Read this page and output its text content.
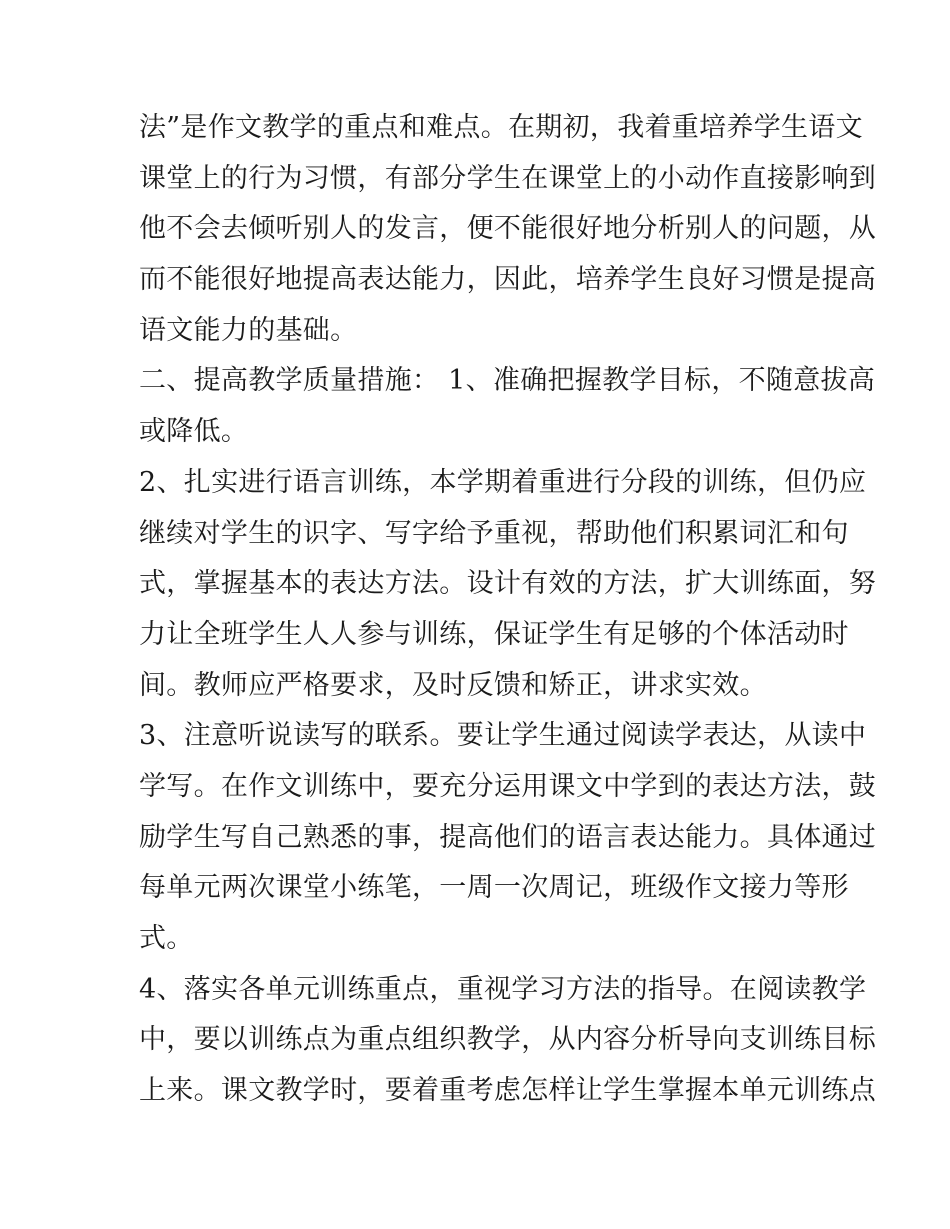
法”是作文教学的重点和难点。在期初，我着重培养学生语文
课堂上的行为习惯，有部分学生在课堂上的小动作直接影响到
他不会去倾听别人的发言，便不能很好地分析别人的问题，从
而不能很好地提高表达能力，因此，培养学生良好习惯是提高
语文能力的基础。
二、提高教学质量措施： 1、准确把握教学目标，不随意拔高
或降低。
2、扎实进行语言训练，本学期着重进行分段的训练，但仍应
继续对学生的识字、写字给予重视，帮助他们积累词汇和句
式，掌握基本的表达方法。设计有效的方法，扩大训练面，努
力让全班学生人人参与训练，保证学生有足够的个体活动时
间。教师应严格要求，及时反馈和矫正，讲求实效。
3、注意听说读写的联系。要让学生通过阅读学表达，从读中
学写。在作文训练中，要充分运用课文中学到的表达方法，鼓
励学生写自己熟悉的事，提高他们的语言表达能力。具体通过
每单元两次课堂小练笔，一周一次周记，班级作文接力等形
式。
4、落实各单元训练重点，重视学习方法的指导。在阅读教学
中，要以训练点为重点组织教学，从内容分析导向支训练目标
上来。课文教学时，要着重考虑怎样让学生掌握本单元训练点
